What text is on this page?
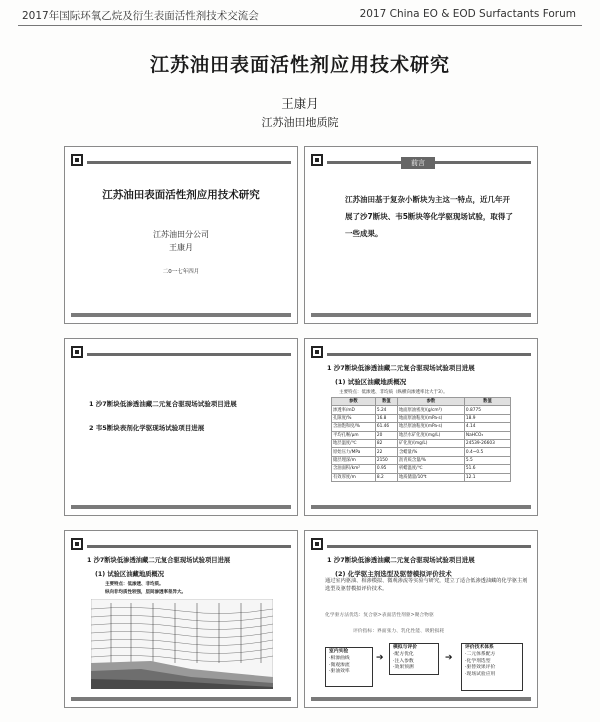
2017年国际环氧乙烷及衍生表面活性剂技术交流会	2017 China EO & EOD Surfactants Forum
江苏油田表面活性剂应用技术研究
王康月
江苏油田地质院
江苏油田表面活性剂应用技术研究
江苏油田分公司
王康月
二0一七年四月
前言
江苏油田基于复杂小断块为主这一特点，近几年开展了沙7断块、韦5断块等化学驱现场试验，取得了一些成果。
1 沙7断块低渗透油藏二元复合驱现场试验项目进展
2 韦5断块表剂化学驱现场试验项目进展
1 沙7断块低渗透油藏二元复合驱现场试验项目进展
(1) 试验区油藏地质概况
主要特点：低渗透、非均质（纵横向渗透率比大于3）。
参数	数值	参数	数值
渗透率/mD	5.24	地面原油密度/(g/cm³)	0.8775
孔隙度/%	16.8	地面原油粘度/(mPa·s)	18.9
含油饱和度/%	61.46	地层原油粘度/(mPa·s)	4.14
平均孔喉/μm	20	地层水矿化度/(mg/L)	NaHCO₃
地层温度/℃	82	矿化度/(mg/L)	24539-26603
原始压力/MPa	22	含蜡量/%	0.4~0.5
储层埋深/m	2150	沥青质含量/%	5.5
含油面积/km²	0.95	析蜡温度/℃	51.6
有效厚度/m	8.2	地质储量/10⁴t	12.1
1 沙7断块低渗透油藏二元复合驱现场试验项目进展
(1) 试验区油藏地质概况
主要特点：低渗透、非均质。
纵向非均质性较强，层间渗透率差异大。
1 沙7断块低渗透油藏二元复合驱现场试验项目进展
(2) 化学驱主剂选型及驱替模拟评价技术
通过室内驱油、相渗模拟、微观渗流等实验与研究，建立了适合低渗透油藏的化学驱主剂选型及驱替模拟评价技术。
化学驱方法优选：复合驱>表面活性剂驱>聚合物驱
评价指标：界面张力、乳化性能、吸附损耗
室内实验
·相渗曲线
·微观渗流
·驱油效率
➔
模拟与评价
·配方优化
·注入参数
·效果预测
➔
评价技术体系
·二元体系配方
·化学剂选型
·驱替效果评价
·现场试验应用
